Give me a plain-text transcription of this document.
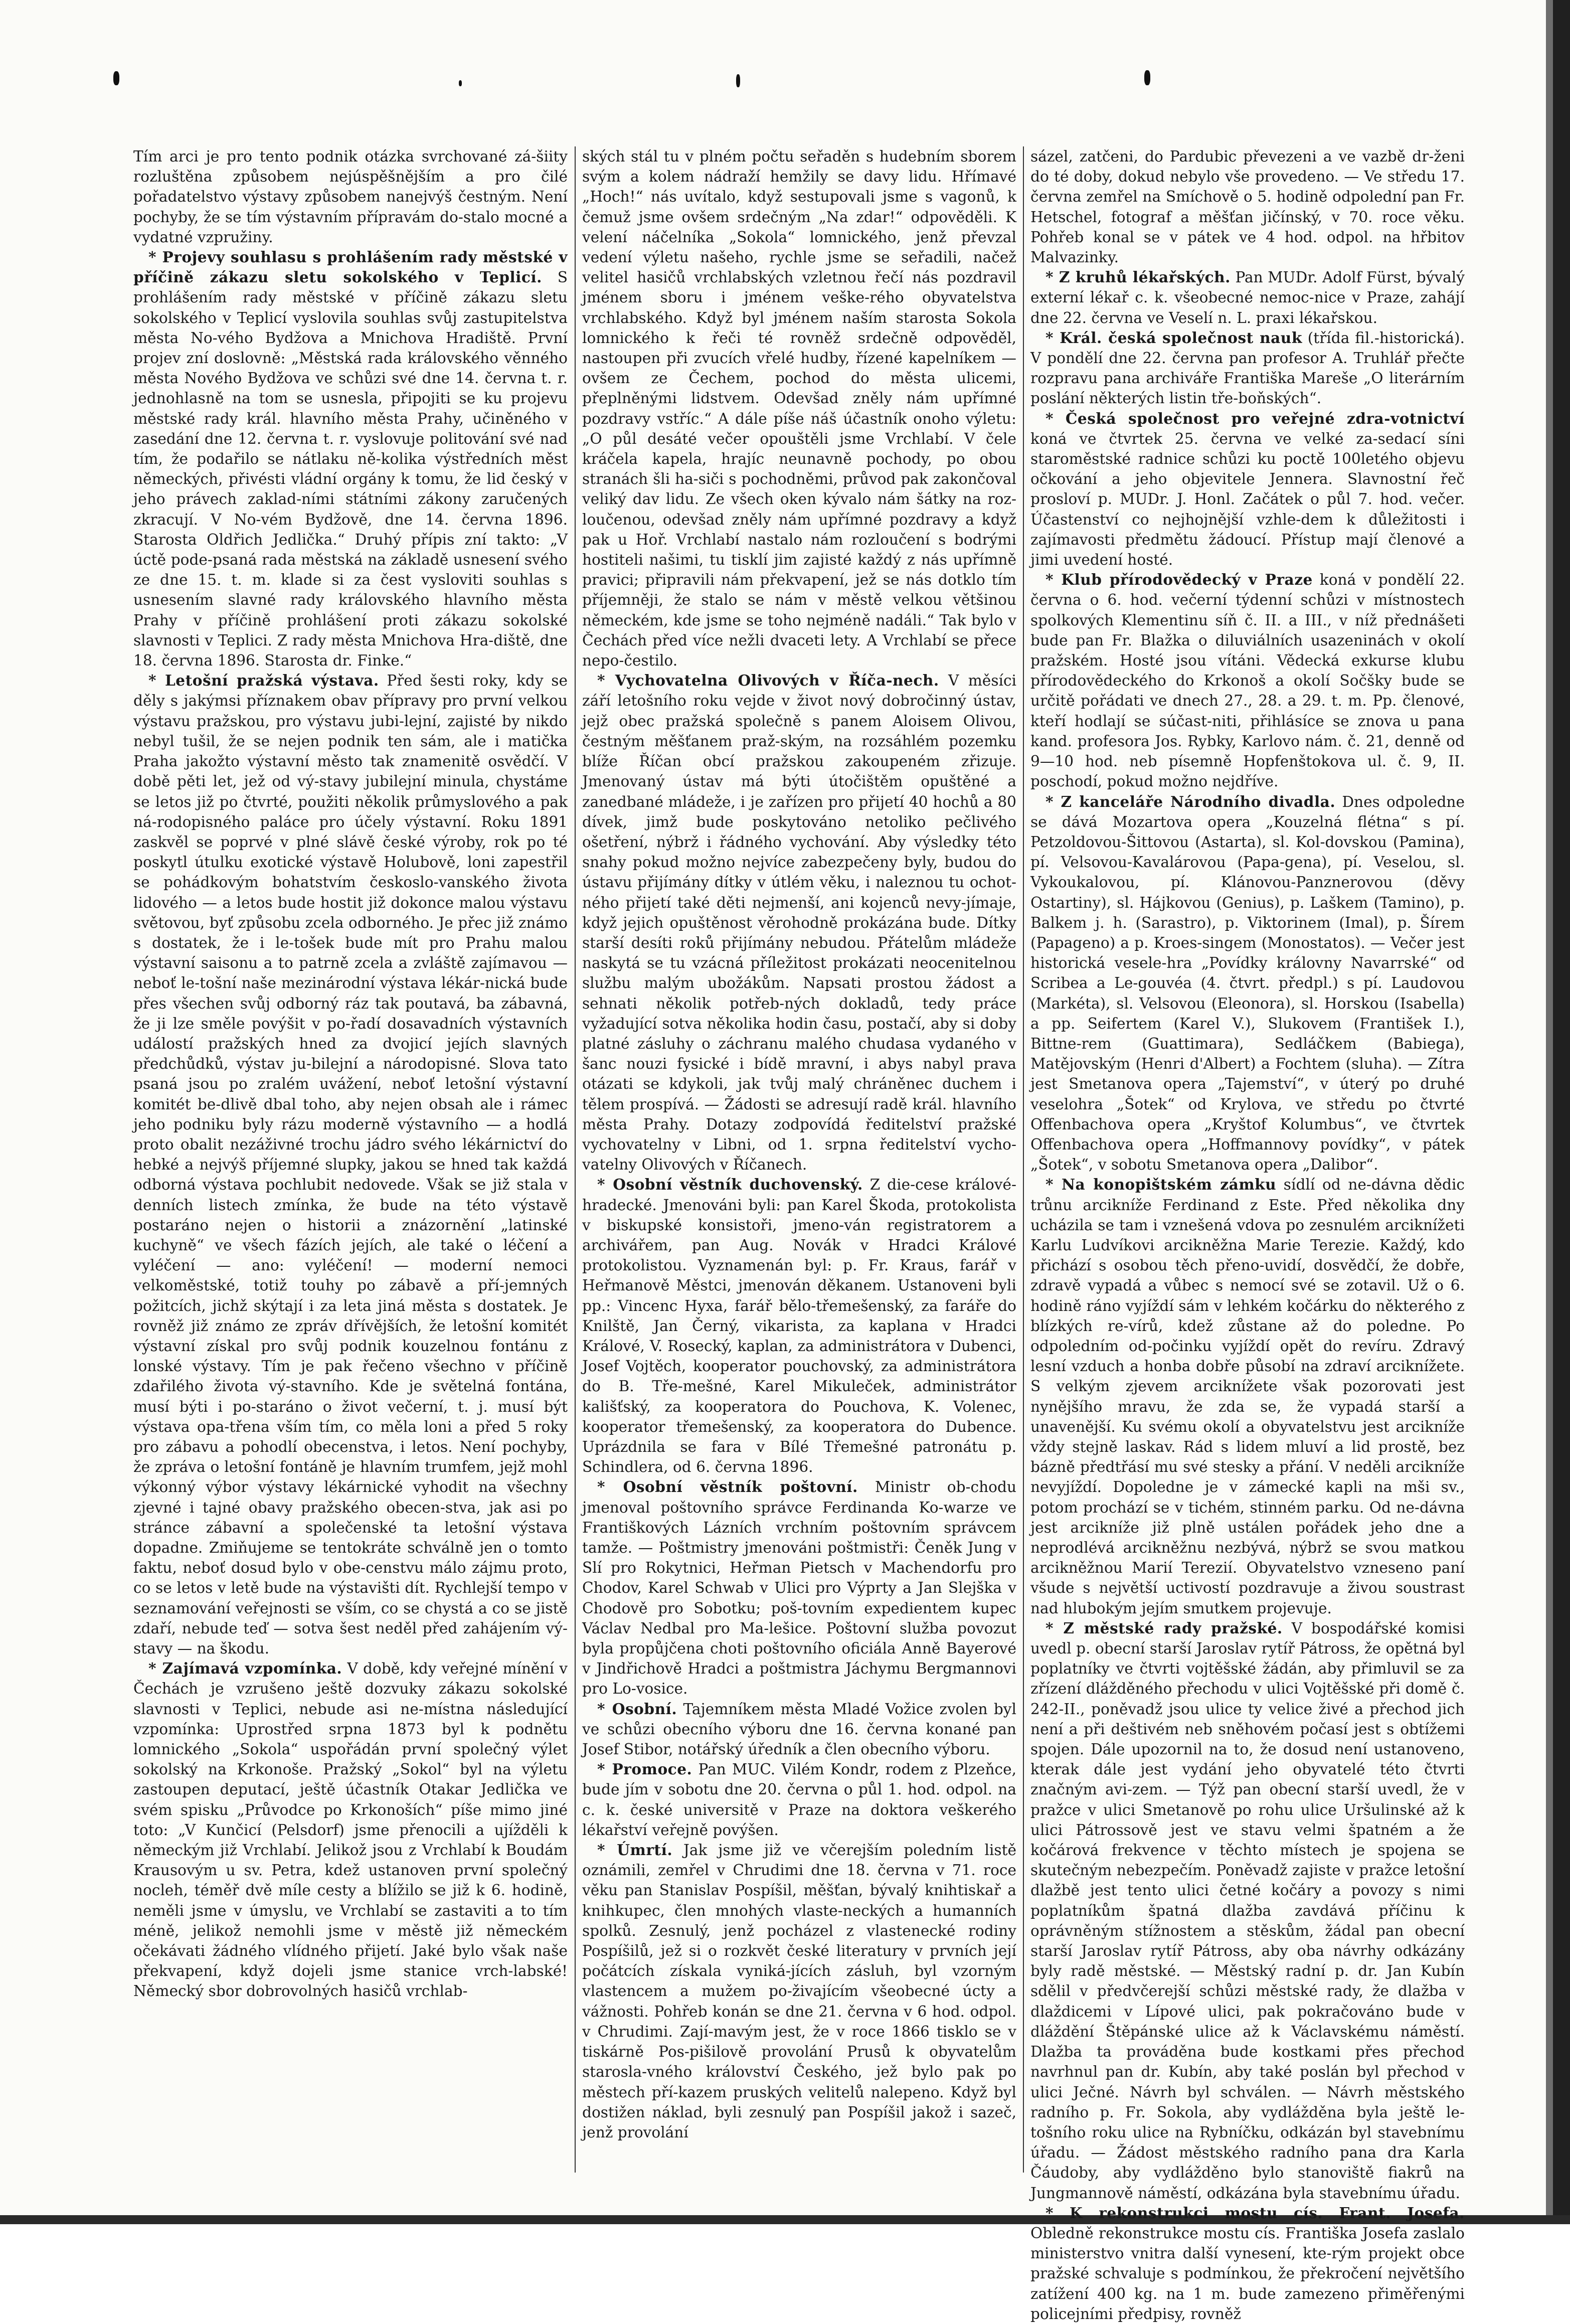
Tím arci je pro tento podnik otázka svrchované zá-šiity rozluštěna způsobem nejúspěšnějším a pro čilé pořadatelstvo výstavy způsobem nanejvýš čestným. Není pochyby, že se tím výstavním přípravám do-stalo mocné a vydatné vzpružiny.

* Projevy souhlasu s prohlášením rady městské v příčině zákazu sletu sokolského v Teplicí. S prohlášením rady městské v příčině zákazu sletu sokolského v Teplicí vyslovila souhlas svůj zastupitelstva města No-vého Bydžova a Mnichova Hradiště. První projev zní doslovně: „Městská rada královského věnného města Nového Bydžova ve schůzi své dne 14. června t. r. jednohlasně na tom se usnesla, připojiti se ku projevu městské rady král. hlavního města Prahy, učiněného v zasedání dne 12. června t. r. vyslovuje politování své nad tím, že podařilo se nátlaku ně-kolika výstředních měst německých, přivésti vládní orgány k tomu, že lid český v jeho právech zaklad-ními státními zákony zaručených zkracují. V No-vém Bydžově, dne 14. června 1896. Starosta Oldřich Jedlička.“ Druhý přípis zní takto: „V úctě pode-psaná rada městská na základě usnesení svého ze dne 15. t. m. klade si za čest vysloviti souhlas s usnesením slavné rady královského hlavního města Prahy v příčině prohlášení proti zákazu sokolské slavnosti v Teplici. Z rady města Mnichova Hra-diště, dne 18. června 1896. Starosta dr. Finke.“

* Letošní pražská výstava. Před šesti roky, kdy se děly s jakýmsi příznakem obav přípravy pro první velkou výstavu pražskou, pro výstavu jubi-lejní, zajisté by nikdo nebyl tušil, že se nejen podnik ten sám, ale i matička Praha jakožto výstavní město tak znamenitě osvědčí. V době pěti let, jež od vý-stavy jubilejní minula, chystáme se letos již po čtvrté, použiti několik průmyslového a pak ná-rodopisného paláce pro účely výstavní. Roku 1891 zaskvěl se poprvé v plné slávě české výroby, rok po té poskytl útulku exotické výstavě Holubově, loni zapestřil se pohádkovým bohatstvím českoslo-vanského života lidového — a letos bude hostit již dokonce malou výstavu světovou, byť způsobu zcela odborného. Je přec již známo s dostatek, že i le-tošek bude mít pro Prahu malou výstavní saisonu a to patrně zcela a zvláště zajímavou — neboť le-tošní naše mezinárodní výstava lékár-nická bude přes všechen svůj odborný ráz tak poutavá, ba zábavná, že ji lze směle povýšit v po-řadí dosavadních výstavních událostí pražských hned za dvojicí jejích slavných předchůdků, výstav ju-bilejní a národopisné. Slova tato psaná jsou po zralém uvážení, neboť letošní výstavní komitét be-dlivě dbal toho, aby nejen obsah ale i rámec jeho podniku byly rázu moderně výstavního — a hodlá proto obalit nezáživné trochu jádro svého lékárnictví do hebké a nejvýš příjemné slupky, jakou se hned tak každá odborná výstava pochlubit nedovede. Však se již stala v denních listech zmínka, že bude na této výstavě postaráno nejen o historii a znázornění „latinské kuchyně“ ve všech fázích jejích, ale také o léčení a vyléčení — ano: vyléčení! — moderní nemoci velkoměstské, totiž touhy po zábavě a pří-jemných požitcích, jichž skýtají i za leta jiná města s dostatek. Je rovněž již známo ze zpráv dřívějších, že letošní komitét výstavní získal pro svůj podnik kouzelnou fontánu z lonské výstavy. Tím je pak řečeno všechno v příčině zdařilého života vý-stavního. Kde je světelná fontána, musí býti i po-staráno o život večerní, t. j. musí být výstava opa-třena vším tím, co měla loni a před 5 roky pro zábavu a pohodlí obecenstva, i letos. Není pochyby, že zpráva o letošní fontáně je hlavním trumfem, jejž mohl výkonný výbor výstavy lékárnické vyhodit na všechny zjevné i tajné obavy pražského obecen-stva, jak asi po stránce zábavní a společenské ta letošní výstava dopadne. Zmiňujeme se tentokráte schválně jen o tomto faktu, neboť dosud bylo v obe-censtvu málo zájmu proto, co se letos v letě bude na výstavišti dít. Rychlejší tempo v seznamování veřejnosti se vším, co se chystá a co se jistě zdaří, nebude teď — sotva šest neděl před zahájením vý-stavy — na škodu.

* Zajímavá vzpomínka. V době, kdy veřejné mínění v Čechách je vzrušeno ještě dozvuky zákazu sokolské slavnosti v Teplici, nebude asi ne-místna následující vzpomínka: Uprostřed srpna 1873 byl k podnětu lomnického „Sokola“ uspořádán první společný výlet sokolský na Krkonoše. Pražský „Sokol“ byl na výletu zastoupen deputací, ještě účastník Otakar Jedlička ve svém spisku „Průvodce po Krkonoších“ píše mimo jiné toto: „V Kunčicí (Pelsdorf) jsme přenocili a ujížděli k německým již Vrchlabí. Jelikož jsou z Vrchlabí k Boudám Krausovým u sv. Petra, kdež ustanoven první společný nocleh, téměř dvě míle cesty a blížilo se již k 6. hodině, neměli jsme v úmyslu, ve Vrchlabí se zastaviti a to tím méně, jelikož nemohli jsme v městě již německém očekávati žádného vlídného přijetí. Jaké bylo však naše překvapení, když dojeli jsme stanice vrch-labské! Německý sbor dobrovolných hasičů vrchlab-

ských stál tu v plném počtu seřaděn s hudebním sborem svým a kolem nádraží hemžily se davy lidu. Hřímavé „Hoch!“ nás uvítalo, když sestupovali jsme s vagonů, k čemuž jsme ovšem srdečným „Na zdar!“ odpověděli. K velení náčelníka „Sokola“ lomnického, jenž převzal vedení výletu našeho, rychle jsme se seřadili, načež velitel hasičů vrchlabských vzletnou řečí nás pozdravil jménem sboru i jménem veške-rého obyvatelstva vrchlabského. Když byl jménem naším starosta Sokola lomnického k řeči té rovněž srdečně odpověděl, nastoupen při zvucích vřelé hudby, řízené kapelníkem — ovšem ze Čechem, pochod do města ulicemi, přeplněnými lidstvem. Odevšad zněly nám upřímné pozdravy vstříc.“ A dále píše náš účastník onoho výletu: „O půl desáté večer opouštěli jsme Vrchlabí. V čele kráčela kapela, hrajíc neunavně pochody, po obou stranách šli ha-siči s pochodněmi, průvod pak zakončoval veliký dav lidu. Ze všech oken kývalo nám šátky na roz-loučenou, odevšad zněly nám upřímné pozdravy a když pak u Hoř. Vrchlabí nastalo nám rozloučení s bodrými hostiteli našimi, tu tisklí jim zajisté každý z nás upřímně pravici; připravili nám překvapení, jež se nás dotklo tím příjemněji, že stalo se nám v městě velkou většinou německém, kde jsme se toho nejméně nadáli.“ Tak bylo v Čechách před více nežli dvaceti lety. A Vrchlabí se přece nepo-čestilo.

* Vychovatelna Olivových v Říča-nech. V měsíci září letošního roku vejde v život nový dobročinný ústav, jejž obec pražská společně s panem Aloisem Olivou, čestným měšťanem praž-ským, na rozsáhlém pozemku blíže Říčan obcí pražskou zakoupeném zřizuje. Jmenovaný ústav má býti útočištěm opuštěné a zanedbané mládeže, i je zařízen pro přijetí 40 hochů a 80 dívek, jimž bude poskytováno netoliko pečlivého ošetření, nýbrž i řádného vychování. Aby výsledky této snahy pokud možno nejvíce zabezpečeny byly, budou do ústavu přijímány dítky v útlém věku, i naleznou tu ochot-ného přijetí také děti nejmenší, ani kojenců nevy-jímaje, když jejich opuštěnost věrohodně prokázána bude. Dítky starší desíti roků přijímány nebudou. Přátelům mládeže naskytá se tu vzácná příležitost prokázati neocenitelnou službu malým ubožákům. Napsati prostou žádost a sehnati několik potřeb-ných dokladů, tedy práce vyžadující sotva několika hodin času, postačí, aby si doby platné zásluhy o záchranu malého chudasa vydaného v šanc nouzi fysické i bídě mravní, i abys nabyl prava otázati se kdykoli, jak tvůj malý chráněnec duchem i tělem prospívá. — Žádosti se adresují radě král. hlavního města Prahy. Dotazy zodpovídá ředitelství pražské vychovatelny v Libni, od 1. srpna ředitelství vycho-vatelny Olivových v Říčanech.

* Osobní věstník duchovenský. Z die-cese králové-hradecké. Jmenováni byli: pan Karel Škoda, protokolista v biskupské konsistoři, jmeno-ván registratorem a archivářem, pan Aug. Novák v Hradci Králové protokolistou. Vyznamenán byl: p. Fr. Kraus, farář v Heřmanově Městci, jmenován děkanem. Ustanoveni byli pp.: Vincenc Hyxa, farář bělo-třemešenský, za faráře do Knilště, Jan Černý, vikarista, za kaplana v Hradci Králové, V. Rosecký, kaplan, za administrátora v Dubenci, Josef Vojtěch, kooperator pouchovský, za administrátora do B. Tře-mešné, Karel Mikuleček, administrátor kališťský, za kooperatora do Pouchova, K. Volenec, kooperator třemešenský, za kooperatora do Dubence. Uprázdnila se fara v Bílé Třemešné patronátu p. Schindlera, od 6. června 1896.

* Osobní věstník poštovní. Ministr ob-chodu jmenoval poštovního správce Ferdinanda Ko-warze ve Františkových Lázních vrchním poštovním správcem tamže. — Poštmistry jmenováni poštmistři: Čeněk Jung v Slí pro Rokytnici, Heřman Pietsch v Machendorfu pro Chodov, Karel Schwab v Ulici pro Výprty a Jan Slejška v Chodově pro Sobotku; poš-tovním expedientem kupec Václav Nedbal pro Ma-lešice. Poštovní služba povozut byla propůjčena choti poštovního oficiála Anně Bayerové v Jindřichově Hradci a poštmistra Jáchymu Bergmannovi pro Lo-vosice.

* Osobní. Tajemníkem města Mladé Vožice zvolen byl ve schůzi obecního výboru dne 16. června konané pan Josef Stibor, notářský úředník a člen obecního výboru.

* Promoce. Pan MUC. Vilém Kondr, rodem z Plzeňce, bude jím v sobotu dne 20. června o půl 1. hod. odpol. na c. k. české universitě v Praze na doktora veškerého lékařství veřejně povýšen.

* Úmrtí. Jak jsme již ve včerejším poledním listě oznámili, zemřel v Chrudimi dne 18. června v 71. roce věku pan Stanislav Pospíšil, měšťan, bývalý knihtiskař a knihkupec, člen mnohých vlaste-neckých a humanních spolků. Zesnulý, jenž pocházel z vlastenecké rodiny Pospíšilů, jež si o rozkvět české literatury v prvních její počátcích získala vyniká-jících zásluh, byl vzorným vlastencem a mužem po-živajícím všeobecné úcty a vážnosti. Pohřeb konán se dne 21. června v 6 hod. odpol. v Chrudimi. Zají-mavým jest, že v roce 1866 tisklo se v tiskárně Pos-pišilově provolání Prusů k obyvatelům starosla-vného království Českého, jež bylo pak po městech pří-kazem pruských velitelů nalepeno. Když byl dostižen náklad, byli zesnulý pan Pospíšil jakož i sazeč, jenž provolání

sázel, zatčeni, do Pardubic převezeni a ve vazbě dr-ženi do té doby, dokud nebylo vše provedeno. — Ve středu 17. června zemřel na Smíchově o 5. hodině odpolední pan Fr. Hetschel, fotograf a měšťan jičínský, v 70. roce věku. Pohřeb konal se v pátek ve 4 hod. odpol. na hřbitov Malvazinky.

* Z kruhů lékařských. Pan MUDr. Adolf Fürst, bývalý externí lékař c. k. všeobecné nemoc-nice v Praze, zahájí dne 22. června ve Veselí n. L. praxi lékařskou.

* Král. česká společnost nauk (třída fil.-historická). V pondělí dne 22. června pan profesor A. Truhlář přečte rozpravu pana archiváře Františka Mareše „O literárním poslání některých listin tře-boňských“.

* Česká společnost pro veřejné zdra-votnictví koná ve čtvrtek 25. června ve velké za-sedací síni staroměstské radnice schůzi ku poctě 100letého objevu očkování a jeho objevitele Jennera. Slavnostní řeč prosloví p. MUDr. J. Honl. Začátek o půl 7. hod. večer. Účastenství co nejhojnější vzhle-dem k důležitosti i zajímavosti předmětu žádoucí. Přístup mají členové a jimi uvedení hosté.

* Klub přírodovědecký v Praze koná v pondělí 22. června o 6. hod. večerní týdenní schůzi v místnostech spolkových Klementinu síň č. II. a III., v níž přednášeti bude pan Fr. Blažka o diluviálních usazeninách v okolí pražském. Hosté jsou vítáni. Vědecká exkurse klubu přírodovědeckého do Krkonoš a okolí Sočšky bude se určitě pořádati ve dnech 27., 28. a 29. t. m. Pp. členové, kteří hodlají se súčast-niti, přihlásíce se znova u pana kand. profesora Jos. Rybky, Karlovo nám. č. 21, denně od 9—10 hod. neb písemně Hopfenštokova ul. č. 9, II. poschodí, pokud možno nejdříve.

* Z kanceláře Národního divadla. Dnes odpoledne se dává Mozartova opera „Kouzelná flétna“ s pí. Petzoldovou-Šittovou (Astarta), sl. Kol-dovskou (Pamina), pí. Velsovou-Kavalárovou (Papa-gena), pí. Veselou, sl. Vykoukalovou, pí. Klánovou-Panznerovou (děvy Ostartiny), sl. Hájkovou (Genius), p. Laškem (Tamino), p. Balkem j. h. (Sarastro), p. Viktorinem (Imal), p. Šírem (Papageno) a p. Kroes-singem (Monostatos). — Večer jest historická vesele-hra „Povídky královny Navarrské“ od Scribea a Le-gouvéa (4. čtvrt. předpl.) s pí. Laudovou (Markéta), sl. Velsovou (Eleonora), sl. Horskou (Isabella) a pp. Seifertem (Karel V.), Slukovem (František I.), Bittne-rem (Guattimara), Sedláčkem (Babiega), Matějovským (Henri d'Albert) a Fochtem (sluha). — Zítra jest Smetanova opera „Tajemství“, v úterý po druhé veselohra „Šotek“ od Krylova, ve středu po čtvrté Offenbachova opera „Kryštof Kolumbus“, ve čtvrtek Offenbachova opera „Hoffmannovy povídky“, v pátek „Šotek“, v sobotu Smetanova opera „Dalibor“.

* Na konopištském zámku sídlí od ne-dávna dědic trůnu arcikníže Ferdinand z Este. Před několika dny ucházila se tam i vznešená vdova po zesnulém arciknížeti Karlu Ludvíkovi arcikněžna Marie Terezie. Každý, kdo přichází s osobou těch přeno-uvidí, dosvědčí, že dobře, zdravě vypadá a vůbec s nemocí své se zotavil. Už o 6. hodině ráno vyjíždí sám v lehkém kočárku do některého z blízkých re-vírů, kdež zůstane až do poledne. Po odpoledním od-počinku vyjíždí opět do revíru. Zdravý lesní vzduch a honba dobře působí na zdraví arciknížete. S velkým zjevem arciknížete však pozorovati jest nynějšího mravu, že zda se, že vypadá starší a unavenější. Ku svému okolí a obyvatelstvu jest arcikníže vždy stejně laskav. Rád s lidem mluví a lid prostě, bez bázně předtřásí mu své stesky a přání. V neděli arcikníže nevyjíždí. Dopoledne je v zámecké kapli na mši sv., potom prochází se v tichém, stinném parku. Od ne-dávna jest arcikníže již plně ustálen pořádek jeho dne a neprodlévá arcikněžnu nezbývá, nýbrž se svou matkou arcikněžnou Marií Terezií. Obyvatelstvo vzneseno paní všude s největší uctivostí pozdravuje a živou soustrast nad hlubokým jejím smutkem projevuje.

* Z městské rady pražské. V bospodářské komisi uvedl p. obecní starší Jaroslav rytíř Pátross, že opětná byl poplatníky ve čtvrti vojtěšské žádán, aby přimluvil se za zřízení dlážděného přechodu v ulici Vojtěšské při domě č. 242-II., poněvadž jsou ulice ty velice živé a přechod jich není a při deštivém neb sněhovém počasí jest s obtížemi spojen. Dále upozornil na to, že dosud není ustanoveno, kterak dále jest vydání jeho obyvatelé této čtvrti značným avi-zem. — Týž pan obecní starší uvedl, že v pražce v ulici Smetanově po rohu ulice Uršulinské až k ulici Pátrossově jest ve stavu velmi špatném a že kočárová frekvence v těchto místech je spojena se skutečným nebezpečím. Poněvadž zajiste v pražce letošní dlažbě jest tento ulici četné kočáry a povozy s nimi poplatníkům špatná dlažba zavdává příčinu k oprávněným stížnostem a stěskům, žádal pan obecní starší Jaroslav rytíř Pátross, aby oba návrhy odkázány byly radě městské. — Městský radní p. dr. Jan Kubín sdělil v předvčerejší schůzi městské rady, že dlažba v dlaždicemi v Lípové ulici, pak pokračováno bude v dláždění Štěpánské ulice až k Václavskému náměstí. Dlažba ta prováděna bude kostkami přes přechod navrhnul pan dr. Kubín, aby také poslán byl přechod v ulici Ječné. Návrh byl schválen. — Návrh městského radního p. Fr. Sokola, aby vydlážděna byla ještě le-tošního roku ulice na Rybníčku, odkázán byl stavebnímu úřadu. — Žádost městského radního pana dra Karla Čáudoby, aby vydlážděno bylo stanoviště fiakrů na Jungmannově náměstí, odkázána byla stavebnímu úřadu.

* K rekonstrukci mostu cís. Frant. Josefa. Obledně rekonstrukce mostu cís. Františka Josefa zaslalo ministerstvo vnitra další vynesení, kte-rým projekt obce pražské schvaluje s podmínkou, že překročení největšího zatížení 400 kg. na 1 m. bude zamezeno přiměřenými policejními předpisy, rovněž
